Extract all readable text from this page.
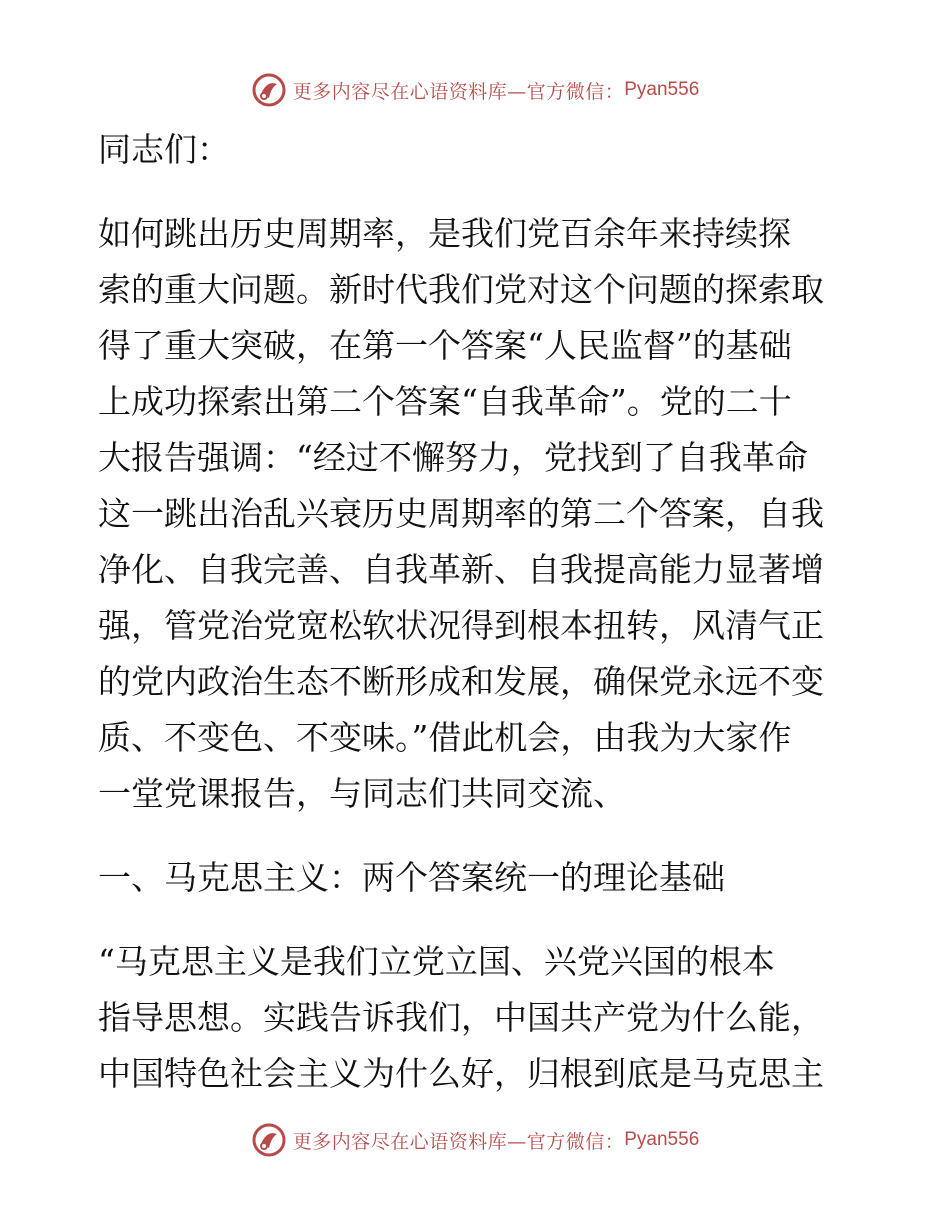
更多内容尽在心语资料库—官方微信： Pyan556
同志们：
如何跳出历史周期率，是我们党百余年来持续探
索的重大问题。新时代我们党对这个问题的探索取
得了重大突破，在第一个答案“人民监督”的基础
上成功探索出第二个答案“自我革命”。党的二十
大报告强调：“经过不懈努力，党找到了自我革命
这一跳出治乱兴衰历史周期率的第二个答案，自我
净化、自我完善、自我革新、自我提高能力显著增
强，管党治党宽松软状况得到根本扭转，风清气正
的党内政治生态不断形成和发展，确保党永远不变
质、不变色、不变味。”借此机会，由我为大家作
一堂党课报告，与同志们共同交流、
一、马克思主义：两个答案统一的理论基础
“马克思主义是我们立党立国、兴党兴国的根本
指导思想。实践告诉我们，中国共产党为什么能，
中国特色社会主义为什么好，归根到底是马克思主
更多内容尽在心语资料库—官方微信： Pyan556
